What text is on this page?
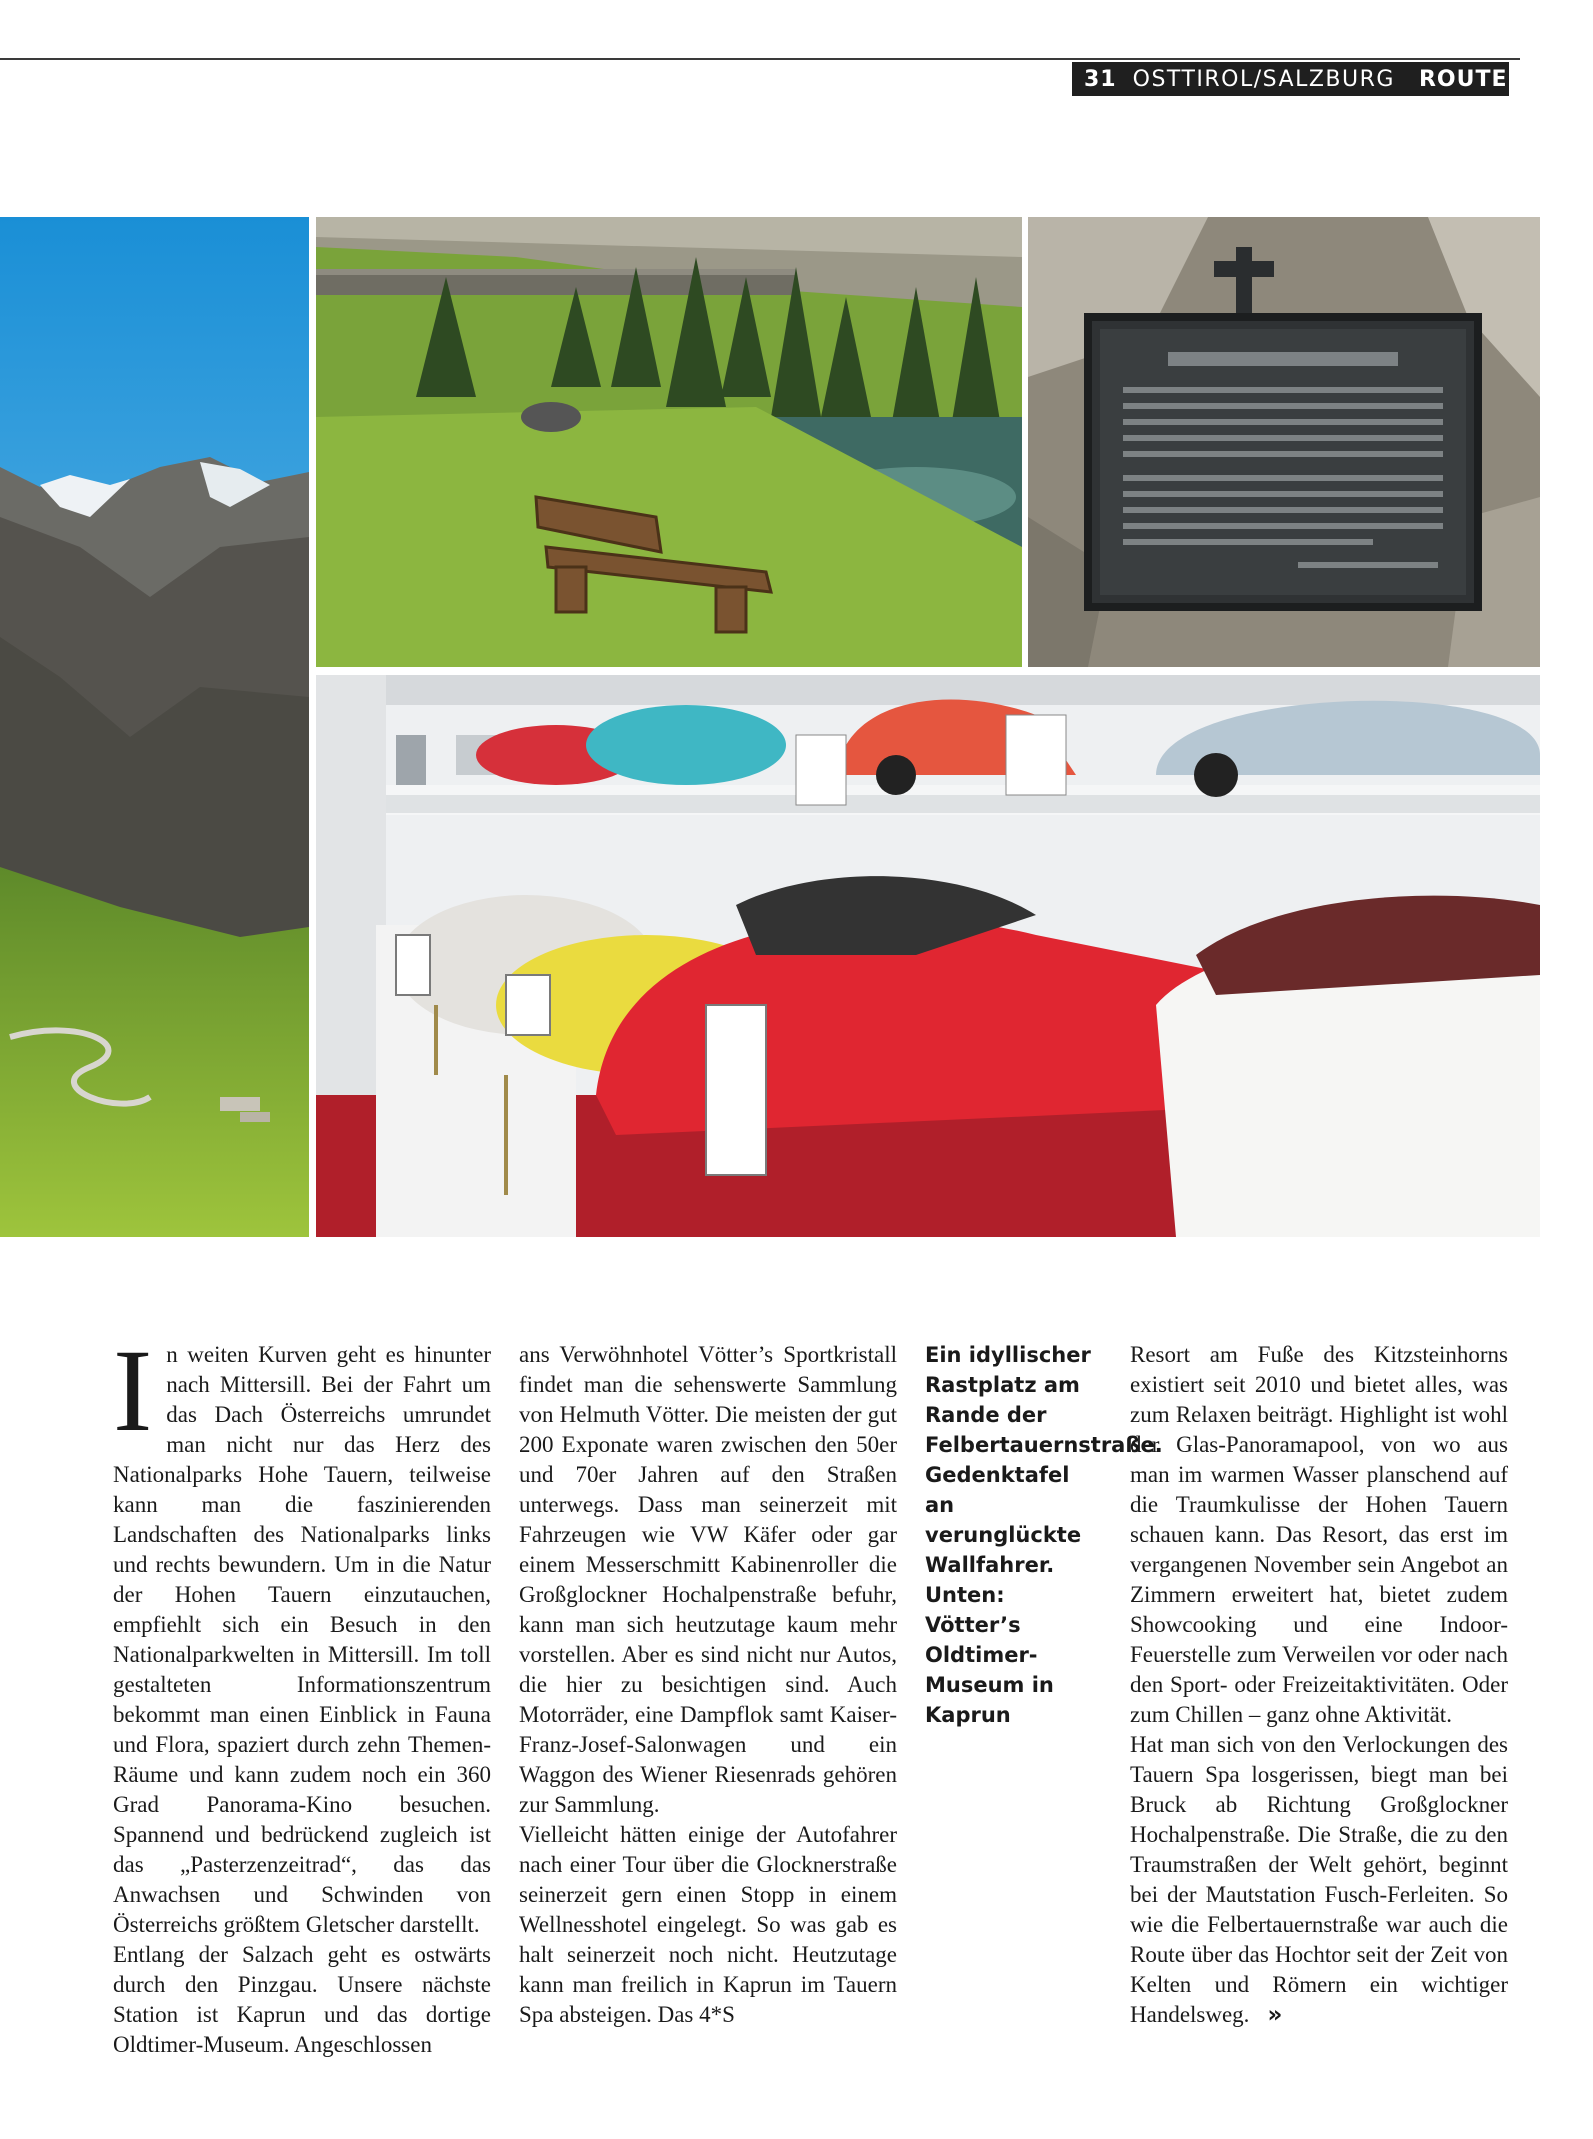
31 OSTTIROL/SALZBURG	ROUTEN

In weiten Kurven geht es hinunter nach Mittersill. Bei der Fahrt um das Dach Österreichs umrundet man nicht nur das Herz des Nationalparks Hohe Tauern, teilweise kann man die faszinierenden Landschaften des Nationalparks links und rechts bewundern. Um in die Natur der Hohen Tauern einzutauchen, empfiehlt sich ein Besuch in den Nationalparkwelten in Mittersill. Im toll gestalteten Informationszentrum bekommt man einen Einblick in Fauna und Flora, spaziert durch zehn Themen-Räume und kann zudem noch ein 360 Grad Panorama-Kino besuchen. Spannend und bedrückend zugleich ist das „Pasterzenzeitrad“, das das Anwachsen und Schwinden von Österreichs größtem Gletscher darstellt.

Entlang der Salzach geht es ostwärts durch den Pinzgau. Unsere nächste Station ist Kaprun und das dortige Oldtimer-Museum. Angeschlossen

ans Verwöhnhotel Vötter’s Sportkristall findet man die sehenswerte Sammlung von Helmuth Vötter. Die meisten der gut 200 Exponate waren zwischen den 50er und 70er Jahren auf den Straßen unterwegs. Dass man seinerzeit mit Fahrzeugen wie VW Käfer oder gar einem Messerschmitt Kabinenroller die Großglockner Hochalpenstraße befuhr, kann man sich heutzutage kaum mehr vorstellen. Aber es sind nicht nur Autos, die hier zu besichtigen sind. Auch Motorräder, eine Dampflok samt Kaiser-Franz-Josef-Salonwagen und ein Waggon des Wiener Riesenrads gehören zur Sammlung.

Vielleicht hätten einige der Autofahrer nach einer Tour über die Glocknerstraße seinerzeit gern einen Stopp in einem Wellnesshotel eingelegt. So was gab es halt seinerzeit noch nicht. Heutzutage kann man freilich in Kaprun im Tauern Spa absteigen. Das 4*S

Ein idyllischer Rastplatz am Rande der Felbertauernstraße.
Gedenktafel an verunglückte Wallfahrer.
Unten: Vötter’s Oldtimer-Museum in Kaprun

Resort am Fuße des Kitzsteinhorns existiert seit 2010 und bietet alles, was zum Relaxen beiträgt. Highlight ist wohl der Glas-Panoramapool, von wo aus man im warmen Wasser planschend auf die Traumkulisse der Hohen Tauern schauen kann. Das Resort, das erst im vergangenen November sein Angebot an Zimmern erweitert hat, bietet zudem Showcooking und eine Indoor-Feuerstelle zum Verweilen vor oder nach den Sport- oder Freizeitaktivitäten. Oder zum Chillen – ganz ohne Aktivität.

Hat man sich von den Verlockungen des Tauern Spa losgerissen, biegt man bei Bruck ab Richtung Großglockner Hochalpenstraße. Die Straße, die zu den Traumstraßen der Welt gehört, beginnt bei der Mautstation Fusch-Ferleiten. So wie die Felbertauernstraße war auch die Route über das Hochtor seit der Zeit von Kelten und Römern ein wichtiger Handelsweg. »
